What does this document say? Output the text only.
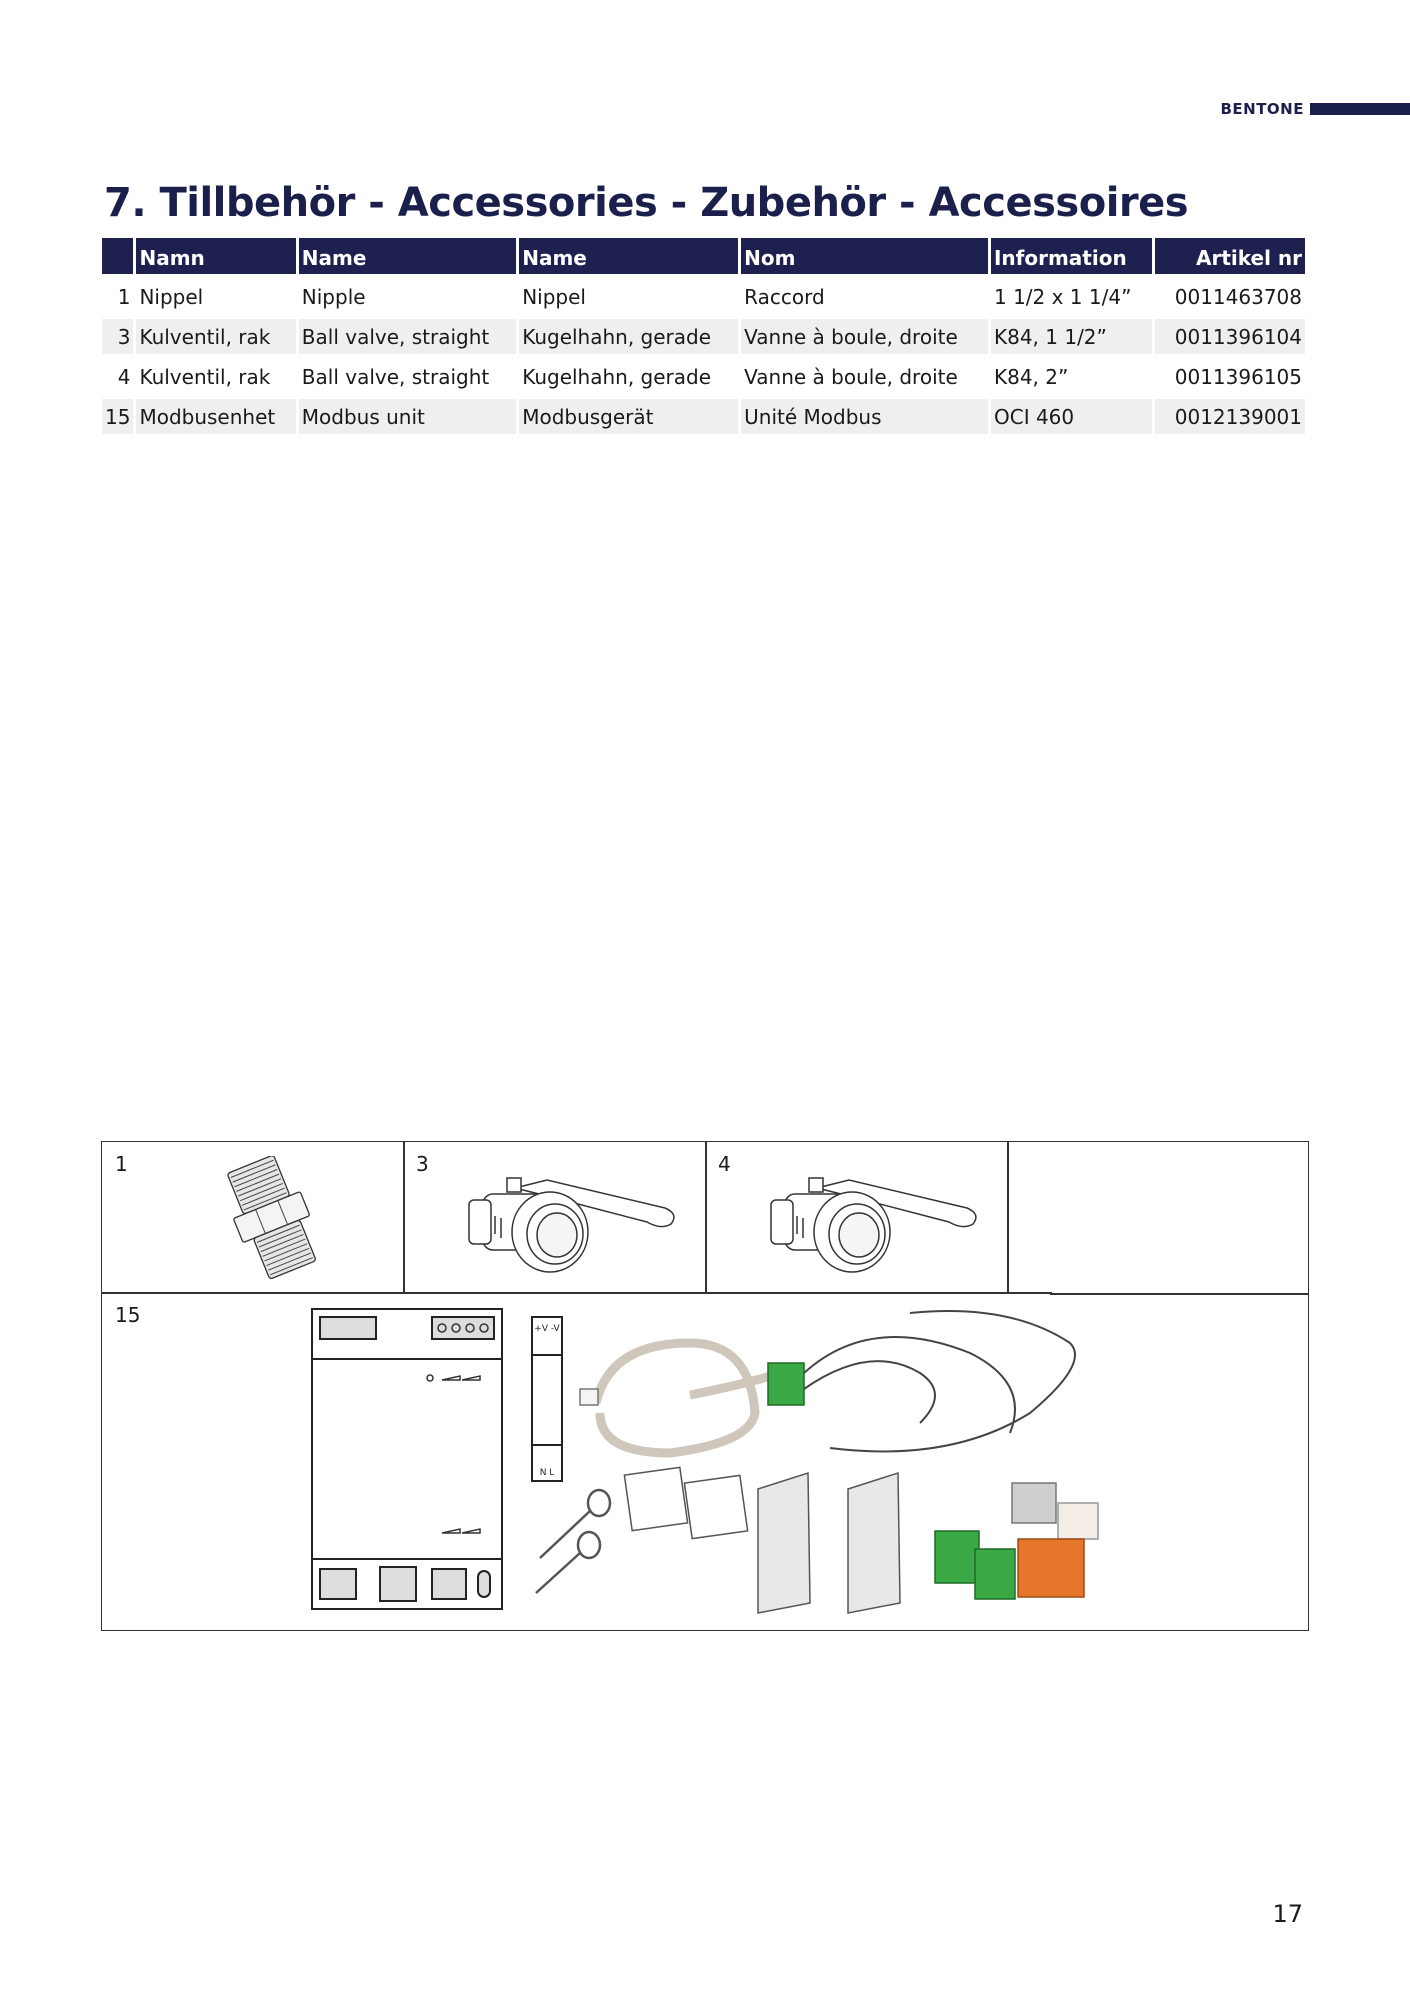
BENTONE
7. Tillbehör - Accessories - Zubehör - Accessoires
	Namn	Name	Name	Nom	Information	Artikel nr
1	Nippel	Nipple	Nippel	Raccord	1 1/2 x 1 1/4”	0011463708
3	Kulventil, rak	Ball valve, straight	Kugelhahn, gerade	Vanne à boule, droite	K84, 1 1/2”	0011396104
4	Kulventil, rak	Ball valve, straight	Kugelhahn, gerade	Vanne à boule, droite	K84, 2”	0011396105
15	Modbusenhet	Modbus unit	Modbusgerät	Unité Modbus	OCI 460	0012139001
1	3	4
15
+V -V
N L
17
